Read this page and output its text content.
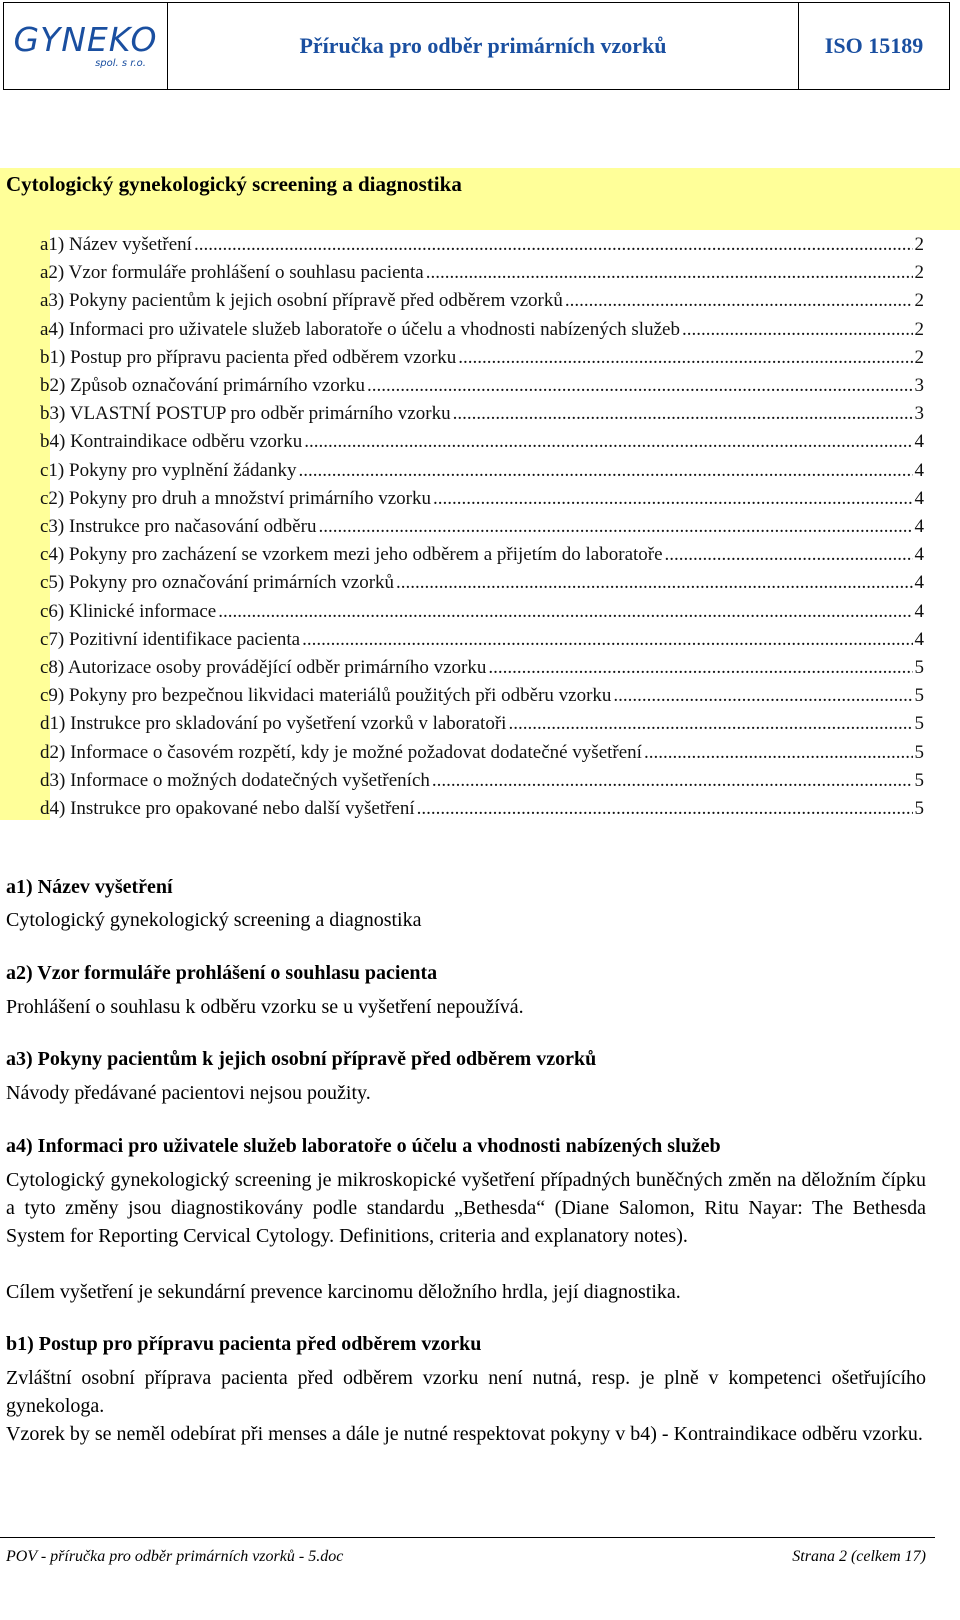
GYNEKO
spol. s r.o.
Příručka pro odběr primárních vzorků	ISO 15189
Cytologický gynekologický screening a diagnostika
a1) Název vyšetření .....	2
a2) Vzor formuláře prohlášení o souhlasu pacienta .....	2
a3) Pokyny pacientům k jejich osobní přípravě před odběrem vzorků .....	2
a4) Informaci pro uživatele služeb laboratoře o účelu a vhodnosti nabízených služeb .....	2
b1) Postup pro přípravu pacienta před odběrem vzorku .....	2
b2) Způsob označování primárního vzorku .....	3
b3) VLASTNÍ POSTUP pro odběr primárního vzorku .....	3
b4) Kontraindikace odběru vzorku .....	4
c1) Pokyny pro vyplnění žádanky .....	4
c2) Pokyny pro druh a množství primárního vzorku .....	4
c3) Instrukce pro načasování odběru .....	4
c4) Pokyny pro zacházení se vzorkem mezi jeho odběrem a přijetím do laboratoře .....	4
c5) Pokyny pro označování primárních vzorků .....	4
c6) Klinické informace .....	4
c7) Pozitivní identifikace pacienta .....	4
c8) Autorizace osoby provádějící odběr primárního vzorku .....	5
c9) Pokyny pro bezpečnou likvidaci materiálů použitých při odběru vzorku .....	5
d1) Instrukce pro skladování po vyšetření vzorků v laboratoři .....	5
d2) Informace o časovém rozpětí, kdy je možné požadovat dodatečné vyšetření .....	5
d3) Informace o možných dodatečných vyšetřeních .....	5
d4) Instrukce pro opakované nebo další vyšetření .....	5
a1) Název vyšetření
Cytologický gynekologický screening a diagnostika
a2) Vzor formuláře prohlášení o souhlasu pacienta
Prohlášení o souhlasu k odběru vzorku se u vyšetření nepoužívá.
a3) Pokyny pacientům k jejich osobní přípravě před odběrem vzorků
Návody předávané pacientovi nejsou použity.
a4) Informaci pro uživatele služeb laboratoře o účelu a vhodnosti nabízených služeb
Cytologický gynekologický screening je mikroskopické vyšetření případných buněčných změn na děložním čípku a tyto změny jsou diagnostikovány podle standardu „Bethesda“ (Diane Salomon, Ritu Nayar: The Bethesda System for Reporting Cervical Cytology. Definitions, criteria and explanatory notes).
Cílem vyšetření je sekundární prevence karcinomu děložního hrdla, její diagnostika.
b1) Postup pro přípravu pacienta před odběrem vzorku
Zvláštní osobní příprava pacienta před odběrem vzorku není nutná, resp. je plně v kompetenci ošetřujícího gynekologa.
Vzorek by se neměl odebírat při menses a dále je nutné respektovat pokyny v b4) - Kontraindikace odběru vzorku.
POV - příručka pro odběr primárních vzorků - 5.doc	Strana 2 (celkem 17)
